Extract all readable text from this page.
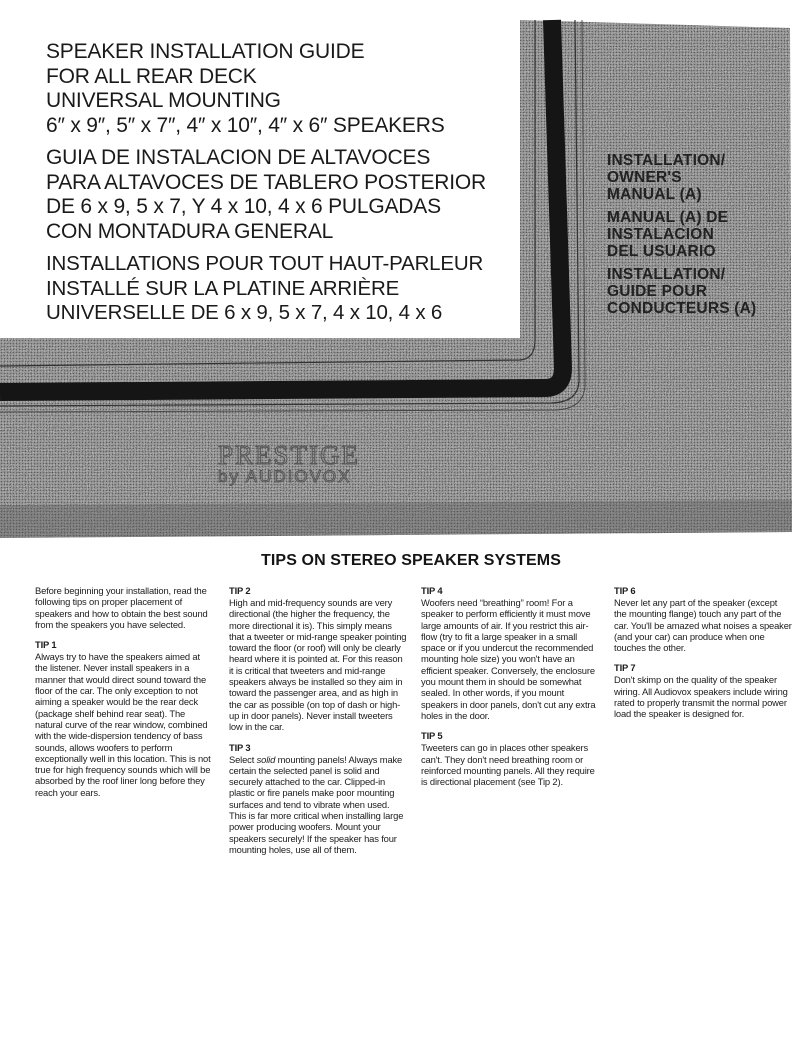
SPEAKER INSTALLATION GUIDE
FOR ALL REAR DECK
UNIVERSAL MOUNTING
6″ x 9″, 5″ x 7″, 4″ x 10″, 4″ x 6″ SPEAKERS
GUIA DE INSTALACION DE ALTAVOCES
PARA ALTAVOCES DE TABLERO POSTERIOR
DE 6 x 9, 5 x 7, Y 4 x 10, 4 x 6 PULGADAS
CON MONTADURA GENERAL
INSTALLATIONS POUR TOUT HAUT-PARLEUR
INSTALLÉ SUR LA PLATINE ARRIÈRE
UNIVERSELLE DE 6 x 9, 5 x 7, 4 x 10, 4 x 6
INSTALLATION/
OWNER'S
MANUAL (A)
MANUAL (A) DE
INSTALACION
DEL USUARIO
INSTALLATION/
GUIDE POUR
CONDUCTEURS (A)
PRESTIGE
by AUDIOVOX
TIPS ON STEREO SPEAKER SYSTEMS

Before beginning your installation, read the following tips on proper placement of speakers and how to obtain the best sound from the speakers you have selected.

TIP 1
Always try to have the speakers aimed at the listener. Never install speakers in a manner that would direct sound toward the floor of the car. The only exception to not aiming a speaker would be the rear deck (package shelf behind rear seat). The natural curve of the rear window, combined with the wide-dispersion tendency of bass sounds, allows woofers to perform exceptionally well in this location. This is not true for high frequency sounds which will be absorbed by the roof liner long before they reach your ears.
TIP 2
High and mid-frequency sounds are very directional (the higher the frequency, the more directional it is). This simply means that a tweeter or mid-range speaker pointing toward the floor (or roof) will only be clearly heard where it is pointed at. For this reason it is critical that tweeters and mid-range speakers always be installed so they aim in toward the passenger area, and as high in the car as possible (on top of dash or high-up in door panels). Never install tweeters low in the car.
TIP 3
Select solid mounting panels! Always make certain the selected panel is solid and securely attached to the car. Clipped-in plastic or fire panels make poor mounting surfaces and tend to vibrate when used. This is far more critical when installing large power producing woofers. Mount your speakers securely! If the speaker has four mounting holes, use all of them.
TIP 4
Woofers need “breathing” room! For a speaker to perform efficiently it must move large amounts of air. If you restrict this air-flow (try to fit a large speaker in a small space or if you undercut the recommended mounting hole size) you won't have an efficient speaker. Conversely, the enclosure you mount them in should be somewhat sealed. In other words, if you mount speakers in door panels, don't cut any extra holes in the door.
TIP 5
Tweeters can go in places other speakers can't. They don't need breathing room or reinforced mounting panels. All they require is directional placement (see Tip 2).
TIP 6
Never let any part of the speaker (except the mounting flange) touch any part of the car. You'll be amazed what noises a speaker (and your car) can produce when one touches the other.
TIP 7
Don't skimp on the quality of the speaker wiring. All Audiovox speakers include wiring rated to properly transmit the normal power load the speaker is designed for.
